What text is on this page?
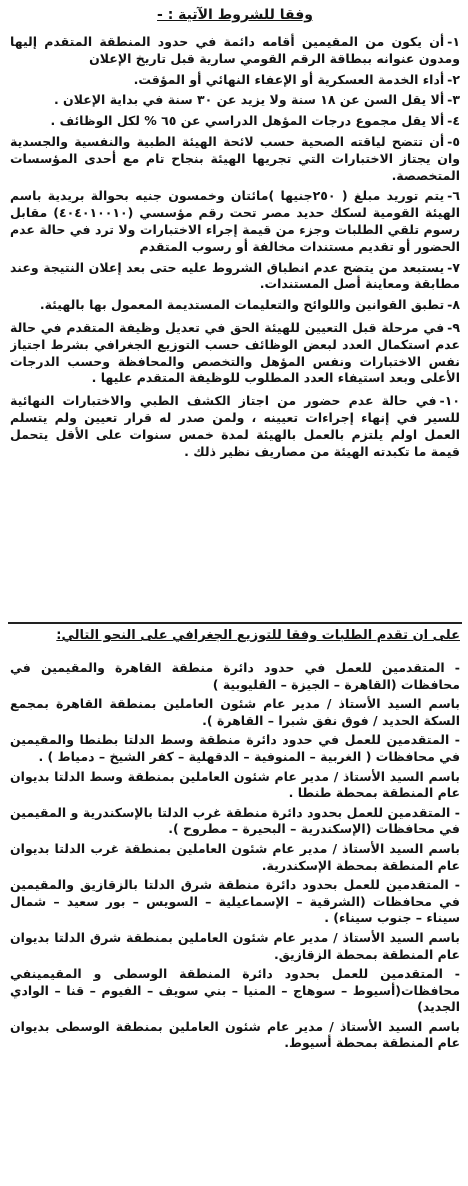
وفقا للشروط الآتية : -
١-أن يكون من المقيمين أقامه دائمة في حدود المنطقة المتقدم إليها ومدون عنوانه ببطاقة الرقم القومي سارية قبل تاريخ الإعلان
٢-أداء الخدمة العسكرية أو الإعفاء النهائي أو المؤقت.
٣-ألا يقل السن عن ١٨ سنة ولا يزيد عن ٣٠ سنة في بداية الإعلان .
٤-ألا يقل مجموع درجات المؤهل الدراسي عن ٦٥ % لكل الوظائف .
٥-أن تتضح لياقته الصحية حسب لائحة الهيئة الطبية والنفسية والجسدية وان يجتاز الاختبارات التي تجريها الهيئة بنجاح تام مع أحدى المؤسسات المتخصصة.
٦-يتم توريد مبلغ ( ٢٥٠جنيها )مائتان وخمسون جنيه بحوالة بريدية باسم الهيئة القومية لسكك حديد مصر تحت رقم مؤسسي (٤٠٤٠١٠٠١٠) مقابل رسوم تلقي الطلبات وجزء من قيمة إجراء الاختبارات ولا ترد في حالة عدم الحضور أو تقديم مستندات مخالفة أو رسوب المتقدم
٧-يستبعد من يتضح عدم انطباق الشروط عليه حتى بعد إعلان النتيجة وعند مطابقة ومعاينة أصل المستندات.
٨-تطبق القوانين واللوائح والتعليمات المستديمة المعمول بها بالهيئة.
٩-في مرحلة قبل التعيين للهيئة الحق في تعديل وظيفة المتقدم في حالة عدم استكمال العدد لبعض الوظائف حسب التوزيع الجغرافي بشرط اجتياز نفس الاختبارات ونفس المؤهل والتخصص والمحافظة وحسب الدرجات الأعلى وبعد استيفاء العدد المطلوب للوظيفة المتقدم عليها .
١٠-في حالة عدم حضور من اجتاز الكشف الطبي والاختبارات النهائية للسير في إنهاء إجراءات تعيينه ، ولمن صدر له قرار تعيين ولم يتسلم العمل اولم يلتزم بالعمل بالهيئة لمدة خمس سنوات على الأقل يتحمل قيمة ما تكبدته الهيئة من مصاريف نظير ذلك .
على ان تقدم الطلبات وفقا للتوزيع الجغرافي على النحو التالي:
- المتقدمين للعمل في حدود دائرة منطقة القاهرة والمقيمين في محافظات (القاهرة – الجيزة – القليوبية )
باسم السيد الأستاذ / مدير عام شئون العاملين بمنطقة القاهرة بمجمع السكة الحديد / فوق نفق شبرا – القاهرة ).
- المتقدمين للعمل في حدود دائرة منطقة وسط الدلتا بطنطا والمقيمين في محافظات ( الغربية – المنوفية – الدقهلية – كفر الشيخ – دمياط ) .
باسم السيد الأستاذ / مدير عام شئون العاملين بمنطقة وسط الدلتا بديوان عام المنطقة بمحطة طنطا .
- المتقدمين للعمل بحدود دائرة منطقة غرب الدلتا بالإسكندرية و المقيمين في محافظات (الإسكندرية – البحيرة – مطروح ).
باسم السيد الأستاذ / مدير عام شئون العاملين بمنطقة غرب الدلتا بديوان عام المنطقة بمحطة الإسكندرية.
- المتقدمين للعمل بحدود دائرة منطقة شرق الدلتا بالزقازيق والمقيمين في محافظات (الشرقية – الإسماعيلية – السويس – بور سعيد – شمال سيناء – جنوب سيناء) .
باسم السيد الأستاذ / مدير عام شئون العاملين بمنطقة شرق الدلتا بديوان عام المنطقة بمحطة الزقازيق.
- المتقدمين للعمل بحدود دائرة المنطقة الوسطى و المقيمينفي محافظات(أسيوط – سوهاج – المنيا – بني سويف – الفيوم – قنا – الوادي الجديد)
باسم السيد الأستاذ / مدير عام شئون العاملين بمنطقة الوسطى بديوان عام المنطقة بمحطة أسيوط.
